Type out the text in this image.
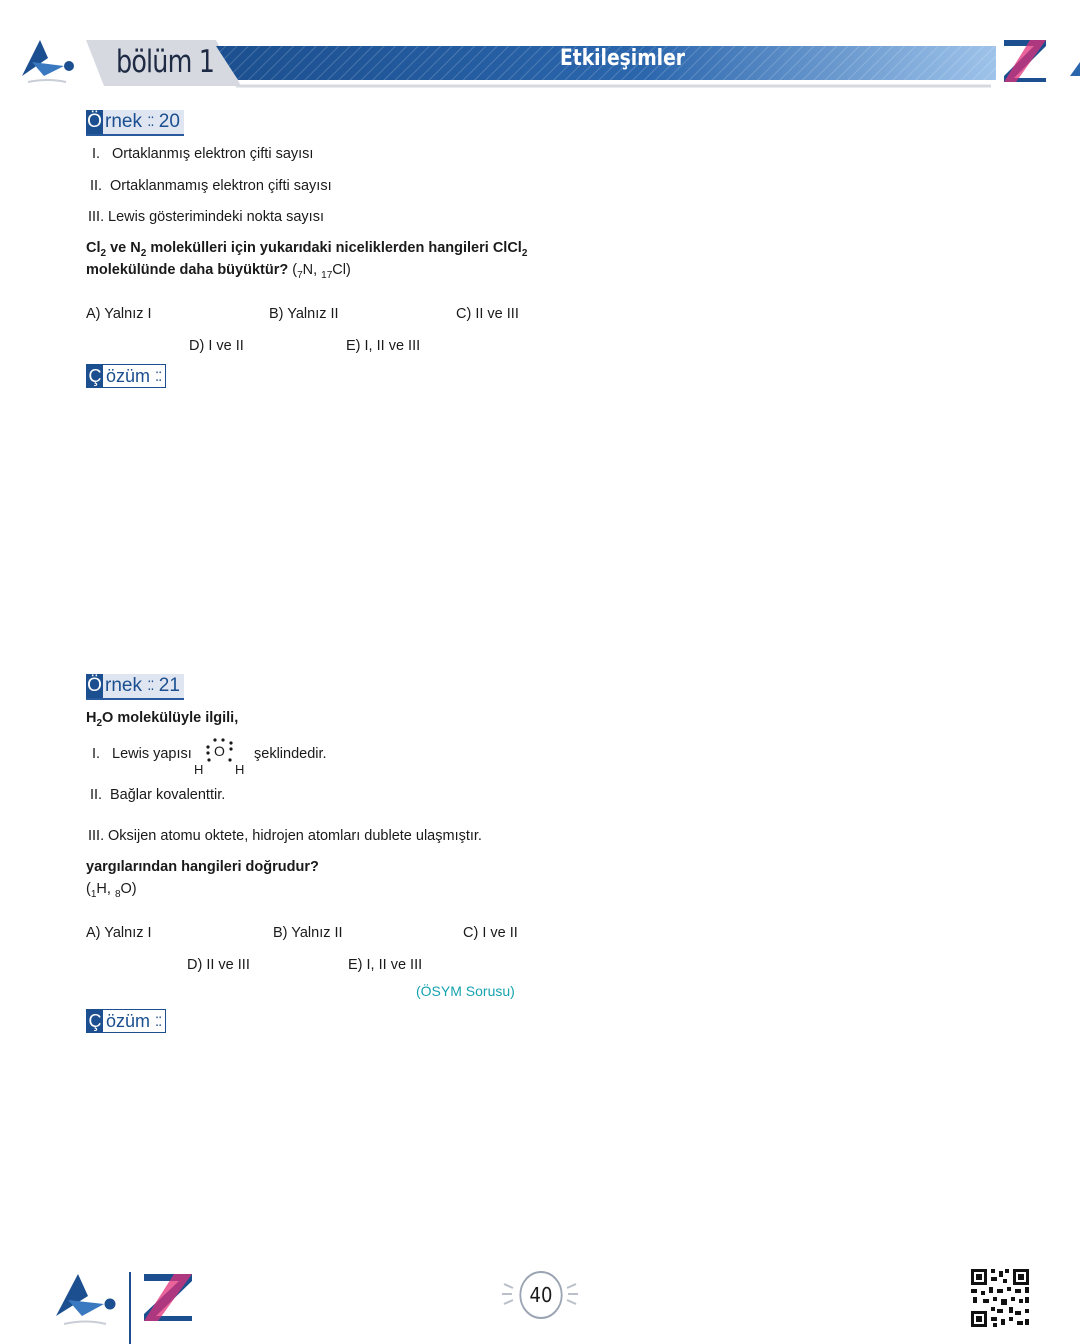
bölüm 1	Etkileşimler
Ö rnek ⁚⁚ 20
I. Ortaklanmış elektron çifti sayısı
II. Ortaklanmamış elektron çifti sayısı
III. Lewis gösterimindeki nokta sayısı
$Cl_2$ ve $N_2$ molekülleri için yukarıdaki niceliklerden hangileri ClCl$_2$
molekülünde daha büyüktür? ($_7N$, $_{17}$Cl)
A) Yalnız I	B) Yalnız II	C) II ve III
D) I ve II	E) I, II ve III
Ç özüm ⁚⁚
Ö rnek ⁚⁚ 21
$H_2O$ molekülüyle ilgili,
I. Lewis yapısı O
H H
şeklindedir.
II. Bağlar kovalenttir.
III. Oksijen atomu oktete, hidrojen atomları dublete ulaşmıştır.
yargılarından hangileri doğrudur?
($_1H$, $_8$O)
A) Yalnız I	B) Yalnız II	C) I ve II
D) II ve III	E) I, II ve III
(ÖSYM Sorusu)
Ç özüm ⁚⁚
40
